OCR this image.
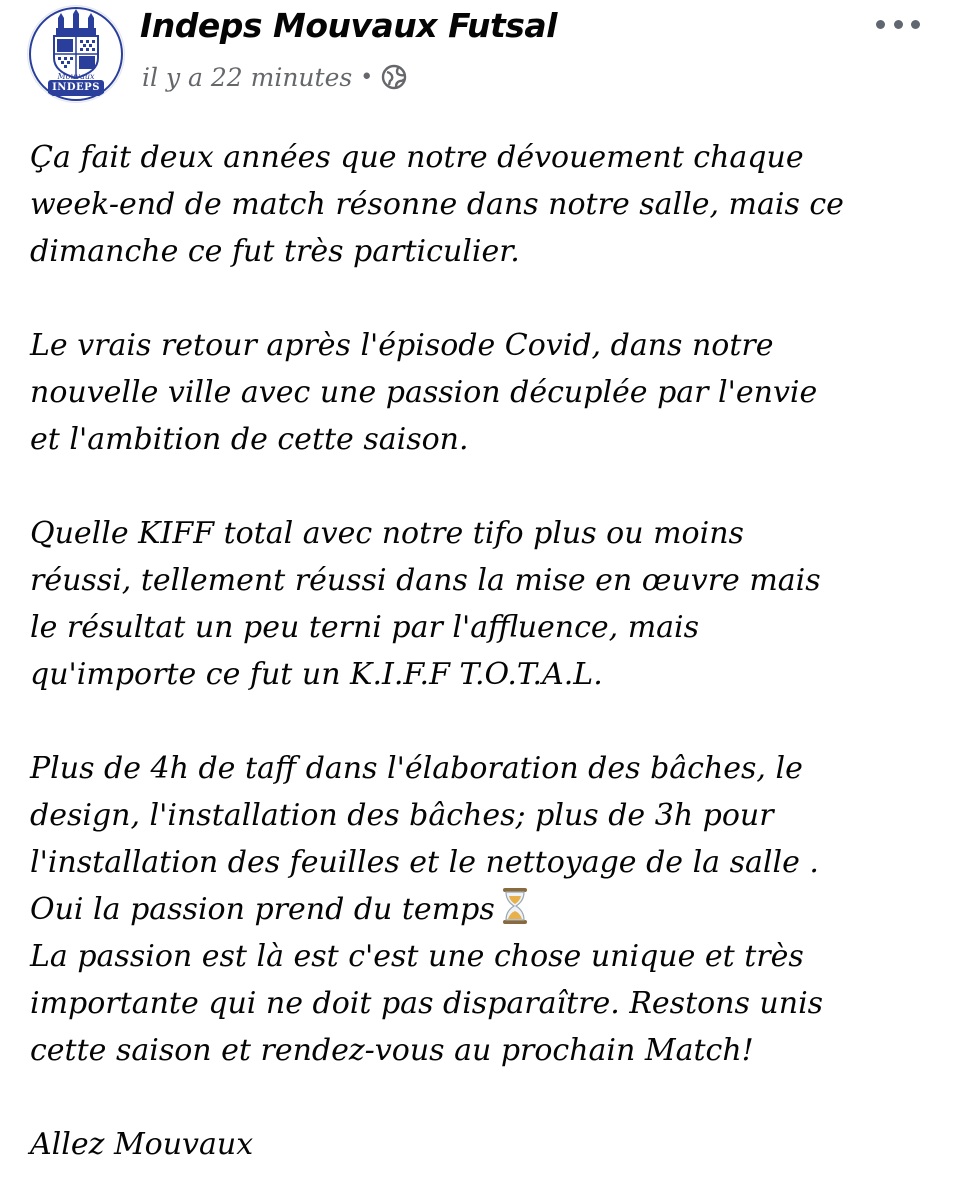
Mouvaux
INDEPS
Indeps Mouvaux Futsal
il y a 22 minutes •
Ça fait deux années que notre dévouement chaque
week-end de match résonne dans notre salle, mais ce
dimanche ce fut très particulier.
Le vrais retour après l'épisode Covid, dans notre
nouvelle ville avec une passion décuplée par l'envie
et l'ambition de cette saison.
Quelle KIFF total avec notre tifo plus ou moins
réussi, tellement réussi dans la mise en œuvre mais
le résultat un peu terni par l'affluence, mais
qu'importe ce fut un K.I.F.F T.O.T.A.L.
Plus de 4h de taff dans l'élaboration des bâches, le
design, l'installation des bâches; plus de 3h pour
l'installation des feuilles et le nettoyage de la salle .
Oui la passion prend du temps
La passion est là est c'est une chose unique et très
importante qui ne doit pas disparaître. Restons unis
cette saison et rendez-vous au prochain Match!
Allez Mouvaux
